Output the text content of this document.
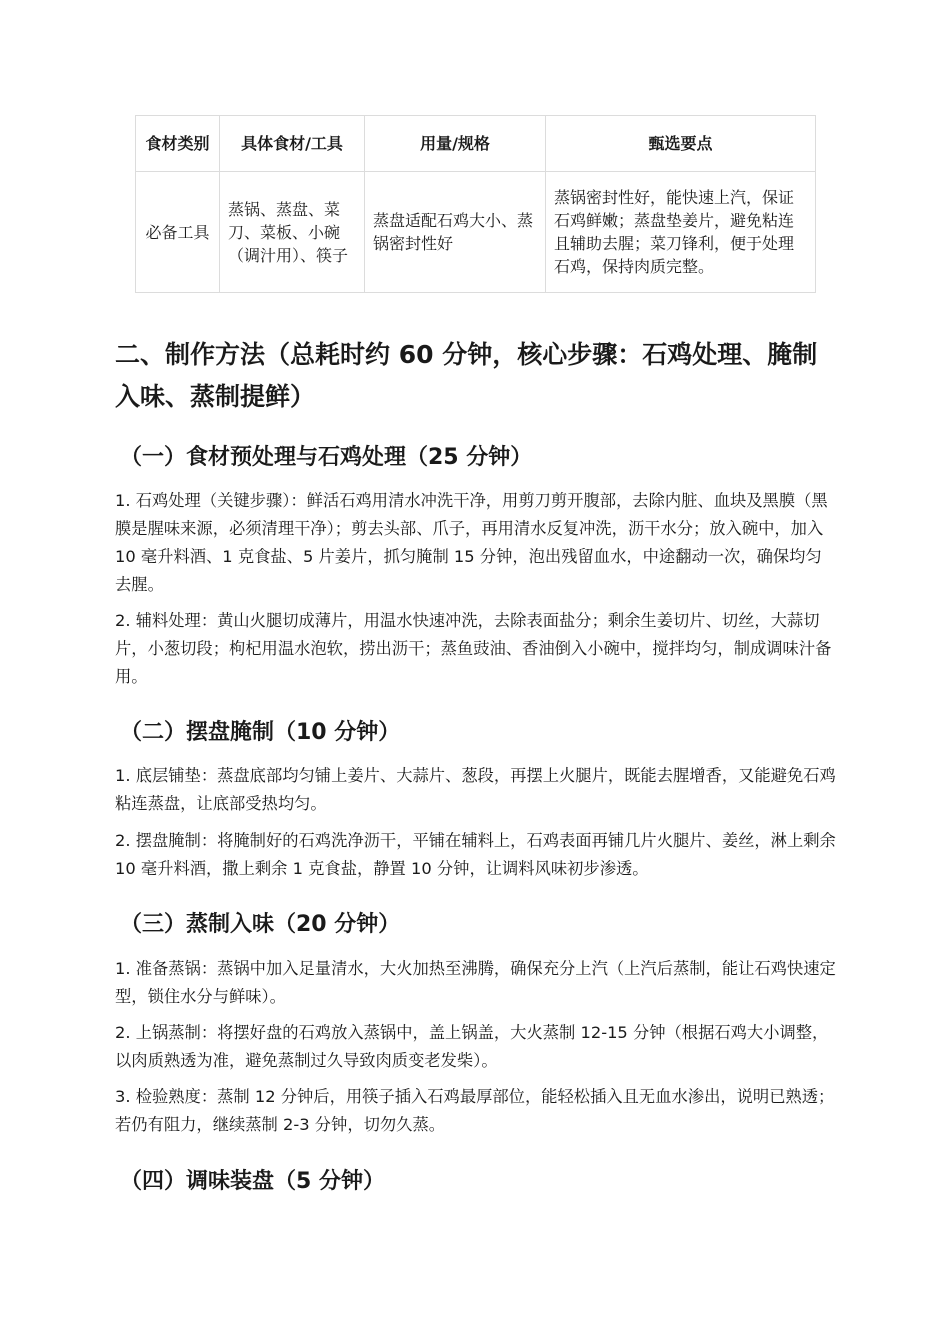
食材类别	具体食材/工具	用量/规格	甄选要点
必备工具	蒸锅、蒸盘、菜刀、菜板、小碗（调汁用）、筷子	蒸盘适配石鸡大小、蒸锅密封性好	蒸锅密封性好，能快速上汽，保证石鸡鲜嫩；蒸盘垫姜片，避免粘连且辅助去腥；菜刀锋利，便于处理石鸡，保持肉质完整。
二、制作方法（总耗时约 60 分钟，核心步骤：石鸡处理、腌制入味、蒸制提鲜）
（一）食材预处理与石鸡处理（25 分钟）

1. 石鸡处理（关键步骤）：鲜活石鸡用清水冲洗干净，用剪刀剪开腹部，去除内脏、血块及黑膜（黑膜是腥味来源，必须清理干净）；剪去头部、爪子，再用清水反复冲洗，沥干水分；放入碗中，加入 10 毫升料酒、1 克食盐、5 片姜片，抓匀腌制 15 分钟，泡出残留血水，中途翻动一次，确保均匀去腥。

2. 辅料处理：黄山火腿切成薄片，用温水快速冲洗，去除表面盐分；剩余生姜切片、切丝，大蒜切片，小葱切段；枸杞用温水泡软，捞出沥干；蒸鱼豉油、香油倒入小碗中，搅拌均匀，制成调味汁备用。

（二）摆盘腌制（10 分钟）

1. 底层铺垫：蒸盘底部均匀铺上姜片、大蒜片、葱段，再摆上火腿片，既能去腥增香，又能避免石鸡粘连蒸盘，让底部受热均匀。

2. 摆盘腌制：将腌制好的石鸡洗净沥干，平铺在辅料上，石鸡表面再铺几片火腿片、姜丝，淋上剩余 10 毫升料酒，撒上剩余 1 克食盐，静置 10 分钟，让调料风味初步渗透。

（三）蒸制入味（20 分钟）

1. 准备蒸锅：蒸锅中加入足量清水，大火加热至沸腾，确保充分上汽（上汽后蒸制，能让石鸡快速定型，锁住水分与鲜味）。

2. 上锅蒸制：将摆好盘的石鸡放入蒸锅中，盖上锅盖，大火蒸制 12-15 分钟（根据石鸡大小调整，以肉质熟透为准，避免蒸制过久导致肉质变老发柴）。

3. 检验熟度：蒸制 12 分钟后，用筷子插入石鸡最厚部位，能轻松插入且无血水渗出，说明已熟透；若仍有阻力，继续蒸制 2-3 分钟，切勿久蒸。

（四）调味装盘（5 分钟）
